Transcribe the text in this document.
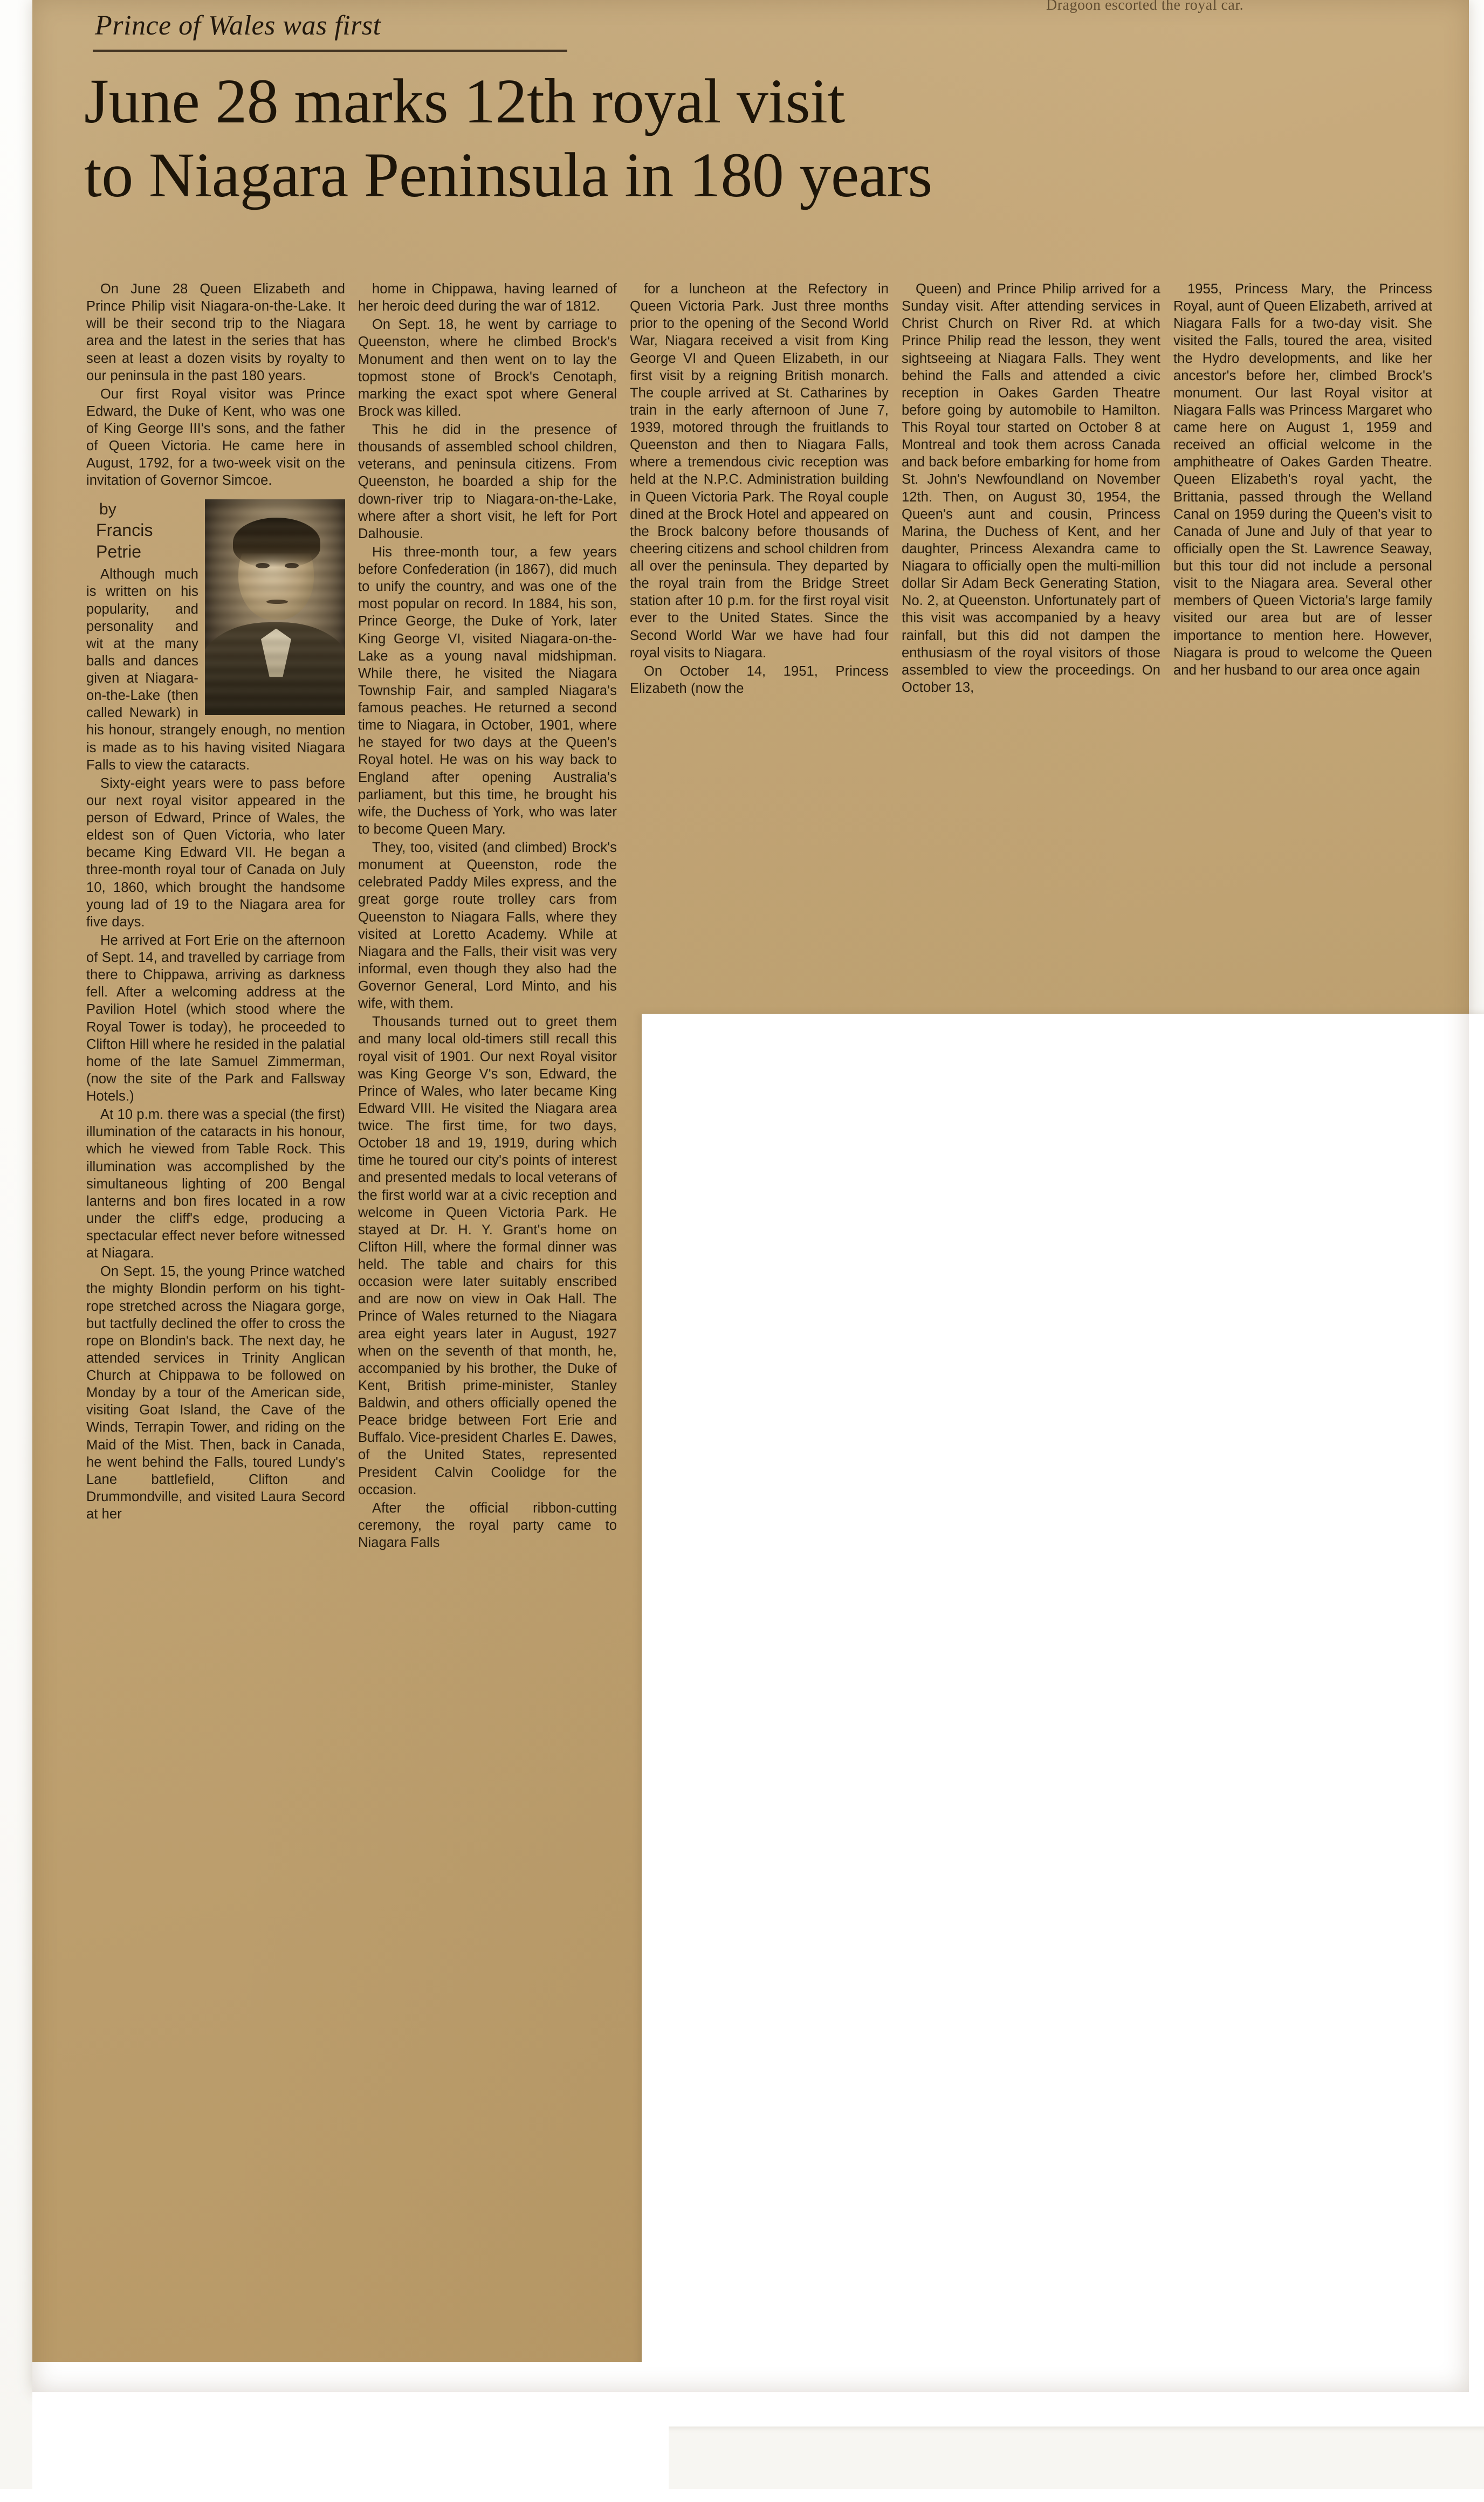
Dragoon escorted the royal car.
Prince of Wales was first
June 28 marks 12th royal visit
to Niagara Peninsula in 180 years

On June 28 Queen Elizabeth and Prince Philip visit Niagara-on-the-Lake. It will be their second trip to the Niagara area and the latest in the series that has seen at least a dozen visits by royalty to our peninsula in the past 180 years.

Our first Royal visitor was Prince Edward, the Duke of Kent, who was one of King George III's sons, and the father of Queen Victoria. He came here in August, 1792, for a two-week visit on the invitation of Governor Simcoe.

by
Francis
Petrie

Although much is written on his popularity, and personality and wit at the many balls and dances given at Niagara-on-the-Lake (then called Newark) in his honour, strangely enough, no mention is made as to his having visited Niagara Falls to view the cataracts.

Sixty-eight years were to pass before our next royal visitor appeared in the person of Edward, Prince of Wales, the eldest son of Quen Victoria, who later became King Edward VII. He began a three-month royal tour of Canada on July 10, 1860, which brought the handsome young lad of 19 to the Niagara area for five days.

He arrived at Fort Erie on the afternoon of Sept. 14, and travelled by carriage from there to Chippawa, arriving as darkness fell. After a welcoming address at the Pavilion Hotel (which stood where the Royal Tower is today), he proceeded to Clifton Hill where he resided in the palatial home of the late Samuel Zimmerman, (now the site of the Park and Fallsway Hotels.)

At 10 p.m. there was a special (the first) illumination of the cataracts in his honour, which he viewed from Table Rock. This illumination was accomplished by the simultaneous lighting of 200 Bengal lanterns and bon fires located in a row under the cliff's edge, producing a spectacular effect never before witnessed at Niagara.

On Sept. 15, the young Prince watched the mighty Blondin perform on his tight-rope stretched across the Niagara gorge, but tactfully declined the offer to cross the rope on Blondin's back. The next day, he attended services in Trinity Anglican Church at Chippawa to be followed on Monday by a tour of the American side, visiting Goat Island, the Cave of the Winds, Terrapin Tower, and riding on the Maid of the Mist. Then, back in Canada, he went behind the Falls, toured Lundy's Lane battlefield, Clifton and Drummondville, and visited Laura Secord at her

home in Chippawa, having learned of her heroic deed during the war of 1812.

On Sept. 18, he went by carriage to Queenston, where he climbed Brock's Monument and then went on to lay the topmost stone of Brock's Cenotaph, marking the exact spot where General Brock was killed.

This he did in the presence of thousands of assembled school children, veterans, and peninsula citizens. From Queenston, he boarded a ship for the down-river trip to Niagara-on-the-Lake, where after a short visit, he left for Port Dalhousie.

His three-month tour, a few years before Confederation (in 1867), did much to unify the country, and was one of the most popular on record. In 1884, his son, Prince George, the Duke of York, later King George VI, visited Niagara-on-the-Lake as a young naval midshipman. While there, he visited the Niagara Township Fair, and sampled Niagara's famous peaches. He returned a second time to Niagara, in October, 1901, where he stayed for two days at the Queen's Royal hotel. He was on his way back to England after opening Australia's parliament, but this time, he brought his wife, the Duchess of York, who was later to become Queen Mary.

They, too, visited (and climbed) Brock's monument at Queenston, rode the celebrated Paddy Miles express, and the great gorge route trolley cars from Queenston to Niagara Falls, where they visited at Loretto Academy. While at Niagara and the Falls, their visit was very informal, even though they also had the Governor General, Lord Minto, and his wife, with them.

Thousands turned out to greet them and many local old-timers still recall this royal visit of 1901. Our next Royal visitor was King George V's son, Edward, the Prince of Wales, who later became King Edward VIII. He visited the Niagara area twice. The first time, for two days, October 18 and 19, 1919, during which time he toured our city's points of interest and presented medals to local veterans of the first world war at a civic reception and welcome in Queen Victoria Park. He stayed at Dr. H. Y. Grant's home on Clifton Hill, where the formal dinner was held. The table and chairs for this occasion were later suitably enscribed and are now on view in Oak Hall. The Prince of Wales returned to the Niagara area eight years later in August, 1927 when on the seventh of that month, he, accompanied by his brother, the Duke of Kent, British prime-minister, Stanley Baldwin, and others officially opened the Peace bridge between Fort Erie and Buffalo. Vice-president Charles E. Dawes, of the United States, represented President Calvin Coolidge for the occasion.

After the official ribbon-cutting ceremony, the royal party came to Niagara Falls

for a luncheon at the Refectory in Queen Victoria Park. Just three months prior to the opening of the Second World War, Niagara received a visit from King George VI and Queen Elizabeth, in our first visit by a reigning British monarch. The couple arrived at St. Catharines by train in the early afternoon of June 7, 1939, motored through the fruitlands to Queenston and then to Niagara Falls, where a tremendous civic reception was held at the N.P.C. Administration building in Queen Victoria Park. The Royal couple dined at the Brock Hotel and appeared on the Brock balcony before thousands of cheering citizens and school children from all over the peninsula. They departed by the royal train from the Bridge Street station after 10 p.m. for the first royal visit ever to the United States. Since the Second World War we have had four royal visits to Niagara.

On October 14, 1951, Princess Elizabeth (now the

Queen) and Prince Philip arrived for a Sunday visit. After attending services in Christ Church on River Rd. at which Prince Philip read the lesson, they went sightseeing at Niagara Falls. They went behind the Falls and attended a civic reception in Oakes Garden Theatre before going by automobile to Hamilton. This Royal tour started on October 8 at Montreal and took them across Canada and back before embarking for home from St. John's Newfoundland on November 12th. Then, on August 30, 1954, the Queen's aunt and cousin, Princess Marina, the Duchess of Kent, and her daughter, Princess Alexandra came to Niagara to officially open the multi-million dollar Sir Adam Beck Generating Station, No. 2, at Queenston. Unfortunately part of this visit was accompanied by a heavy rainfall, but this did not dampen the enthusiasm of the royal visitors of those assembled to view the proceedings. On October 13,

1955, Princess Mary, the Princess Royal, aunt of Queen Elizabeth, arrived at Niagara Falls for a two-day visit. She visited the Falls, toured the area, visited the Hydro developments, and like her ancestor's before her, climbed Brock's monument. Our last Royal visitor at Niagara Falls was Princess Margaret who came here on August 1, 1959 and received an official welcome in the amphitheatre of Oakes Garden Theatre. Queen Elizabeth's royal yacht, the Brittania, passed through the Welland Canal on 1959 during the Queen's visit to Canada of June and July of that year to officially open the St. Lawrence Seaway, but this tour did not include a personal visit to the Niagara area. Several other members of Queen Victoria's large family visited our area but are of lesser importance to mention here. However, Niagara is proud to welcome the Queen and her husband to our area once again
